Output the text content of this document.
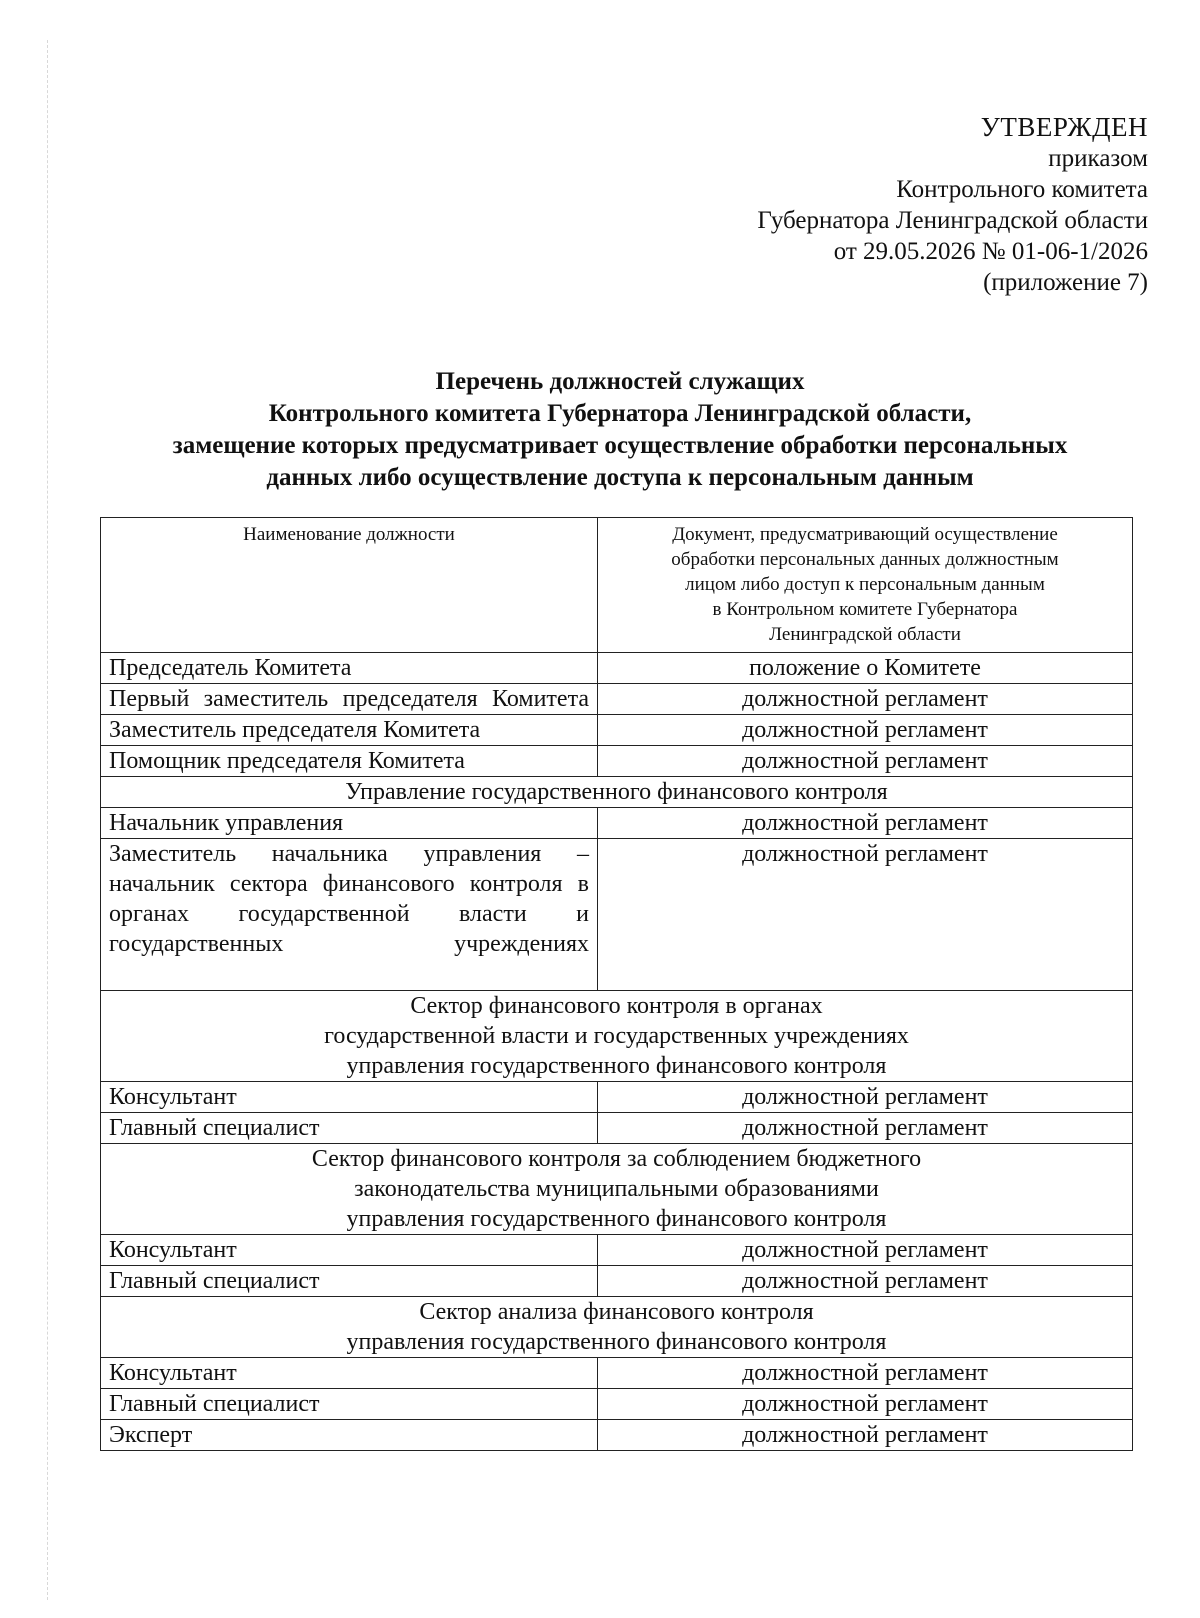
УТВЕРЖДЕН
приказом
Контрольного комитета
Губернатора Ленинградской области
от 29.05.2026 № 01-06-1/2026
(приложение 7)
Перечень должностей служащих
Контрольного комитета Губернатора Ленинградской области,
замещение которых предусматривает осуществление обработки персональных
данных либо осуществление доступа к персональным данным
Наименование должности	Документ, предусматривающий осуществление
обработки персональных данных должностным
лицом либо доступ к персональным данным
в Контрольном комитете Губернатора
Ленинградской области

Председатель Комитета	положение о Комитете
Первый заместитель председателя Комитета	должностной регламент
Заместитель председателя Комитета	должностной регламент
Помощник председателя Комитета	должностной регламент
Управление государственного финансового контроля	
Начальник управления	должностной регламент
Заместитель начальника управления – начальник сектора финансового контроля в органах государственной власти и государственных учреждениях	должностной регламент

Сектор финансового контроля в органах
государственной власти и государственных учреждениях
управления государственного финансового контроля	

Консультант	должностной регламент
Главный специалист	должностной регламент

Сектор финансового контроля за соблюдением бюджетного
законодательства муниципальными образованиями
управления государственного финансового контроля	

Консультант	должностной регламент
Главный специалист	должностной регламент

Сектор анализа финансового контроля
управления государственного финансового контроля	

Консультант	должностной регламент
Главный специалист	должностной регламент
Эксперт	должностной регламент
